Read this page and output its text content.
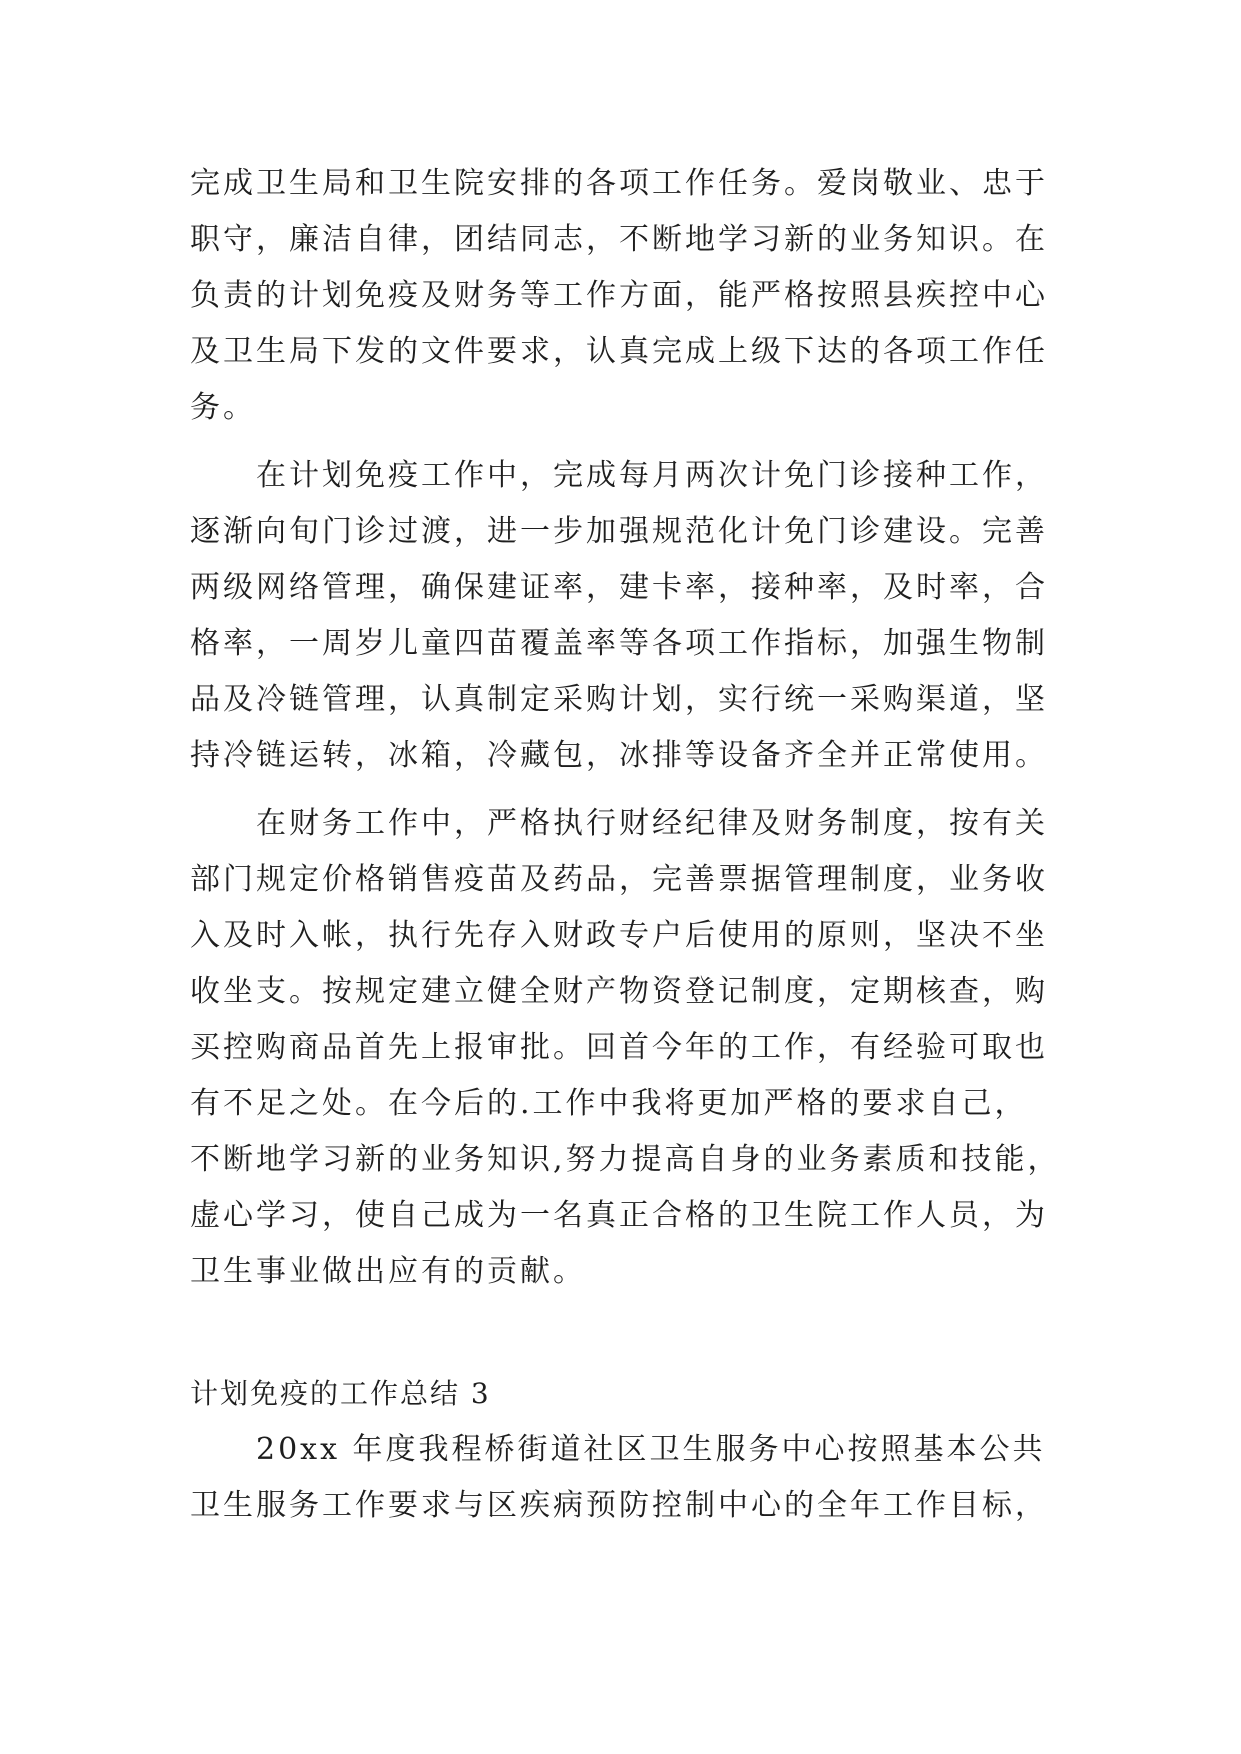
完成卫生局和卫生院安排的各项工作任务。爱岗敬业、忠于
职守，廉洁自律，团结同志，不断地学习新的业务知识。在
负责的计划免疫及财务等工作方面，能严格按照县疾控中心
及卫生局下发的文件要求，认真完成上级下达的各项工作任
务。
在计划免疫工作中，完成每月两次计免门诊接种工作，
逐渐向旬门诊过渡，进一步加强规范化计免门诊建设。完善
两级网络管理，确保建证率，建卡率，接种率，及时率，合
格率，一周岁儿童四苗覆盖率等各项工作指标，加强生物制
品及冷链管理，认真制定采购计划，实行统一采购渠道，坚
持冷链运转，冰箱，冷藏包，冰排等设备齐全并正常使用。
在财务工作中，严格执行财经纪律及财务制度，按有关
部门规定价格销售疫苗及药品，完善票据管理制度，业务收
入及时入帐，执行先存入财政专户后使用的原则，坚决不坐
收坐支。按规定建立健全财产物资登记制度，定期核查，购
买控购商品首先上报审批。回首今年的工作，有经验可取也
有不足之处。在今后的.工作中我将更加严格的要求自己，
不断地学习新的业务知识,努力提高自身的业务素质和技能，
虚心学习，使自己成为一名真正合格的卫生院工作人员，为
卫生事业做出应有的贡献。
计划免疫的工作总结 3
20xx 年度我程桥街道社区卫生服务中心按照基本公共
卫生服务工作要求与区疾病预防控制中心的全年工作目标，
